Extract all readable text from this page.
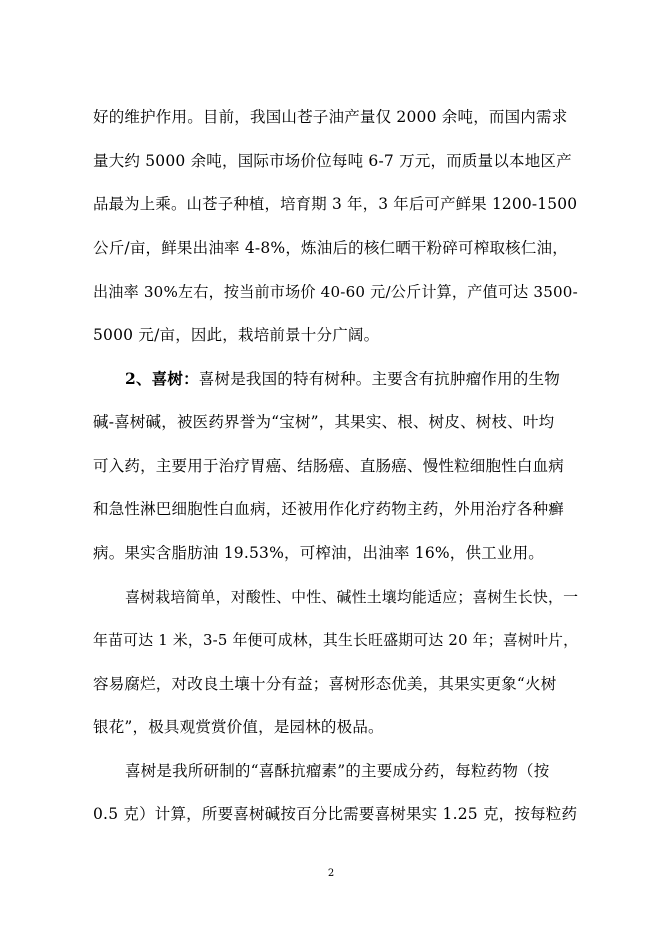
好的维护作用。目前，我国山苍子油产量仅 2000 余吨，而国内需求
量大约 5000 余吨，国际市场价位每吨 6-7 万元，而质量以本地区产
品最为上乘。山苍子种植，培育期 3 年，3 年后可产鲜果 1200-1500
公斤/亩，鲜果出油率 4-8%，炼油后的核仁晒干粉碎可榨取核仁油，
出油率 30%左右，按当前市场价 40-60 元/公斤计算，产值可达 3500-
5000 元/亩，因此，栽培前景十分广阔。
2、喜树：喜树是我国的特有树种。主要含有抗肿瘤作用的生物
碱-喜树碱，被医药界誉为“宝树”，其果实、根、树皮、树枝、叶均
可入药，主要用于治疗胃癌、结肠癌、直肠癌、慢性粒细胞性白血病
和急性淋巴细胞性白血病，还被用作化疗药物主药，外用治疗各种癣
病。果实含脂肪油 19.53%，可榨油，出油率 16%，供工业用。
喜树栽培简单，对酸性、中性、碱性土壤均能适应；喜树生长快，一
年苗可达 1 米，3-5 年便可成林，其生长旺盛期可达 20 年；喜树叶片，
容易腐烂，对改良土壤十分有益；喜树形态优美，其果实更象“火树
银花”，极具观赏赏价值，是园林的极品。
喜树是我所研制的“喜酥抗瘤素”的主要成分药，每粒药物（按
0.5 克）计算，所要喜树碱按百分比需要喜树果实 1.25 克，按每粒药
2
